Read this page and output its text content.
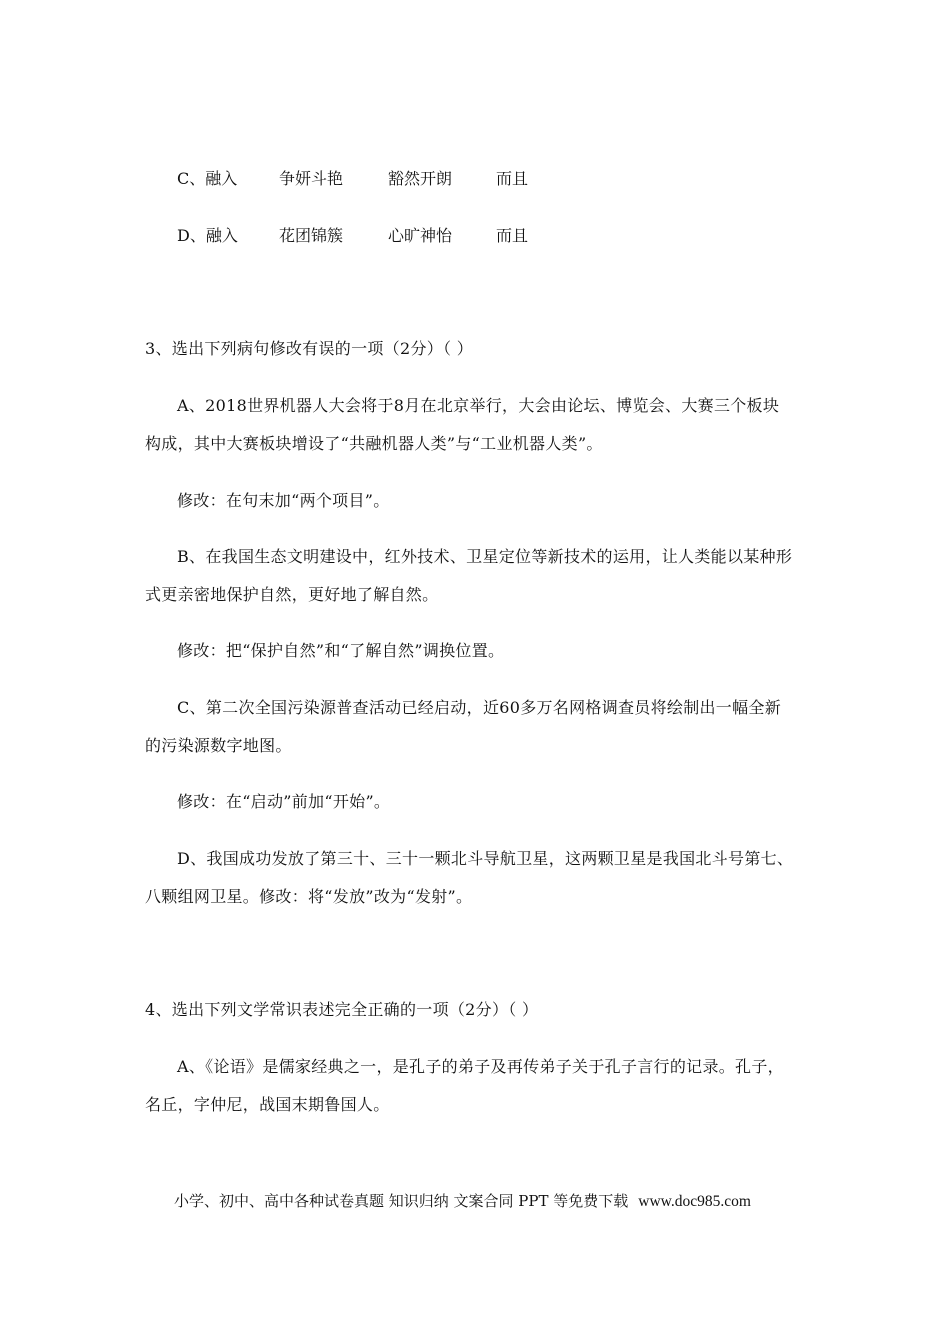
C、融入	争妍斗艳	豁然开朗	而且
D、融入	花团锦簇	心旷神怡	而且
3、选出下列病句修改有误的一项（2分）（ ）
A、2018世界机器人大会将于8月在北京举行，大会由论坛、博览会、大赛三个板块
构成，其中大赛板块增设了“共融机器人类”与“工业机器人类”。
修改：在句末加“两个项目”。
B、在我国生态文明建设中，红外技术、卫星定位等新技术的运用，让人类能以某种形
式更亲密地保护自然，更好地了解自然。
修改：把“保护自然”和“了解自然”调换位置。
C、第二次全国污染源普查活动已经启动，近60多万名网格调查员将绘制出一幅全新
的污染源数字地图。
修改：在“启动”前加“开始”。
D、我国成功发放了第三十、三十一颗北斗导航卫星，这两颗卫星是我国北斗号第七、
八颗组网卫星。修改：将“发放”改为“发射”。
4、选出下列文学常识表述完全正确的一项（2分）（ ）
A、《论语》是儒家经典之一，是孔子的弟子及再传弟子关于孔子言行的记录。孔子，
名丘，字仲尼，战国末期鲁国人。
小学、初中、高中各种试卷真题 知识归纳 文案合同 PPT 等免费下载 www.doc985.com
